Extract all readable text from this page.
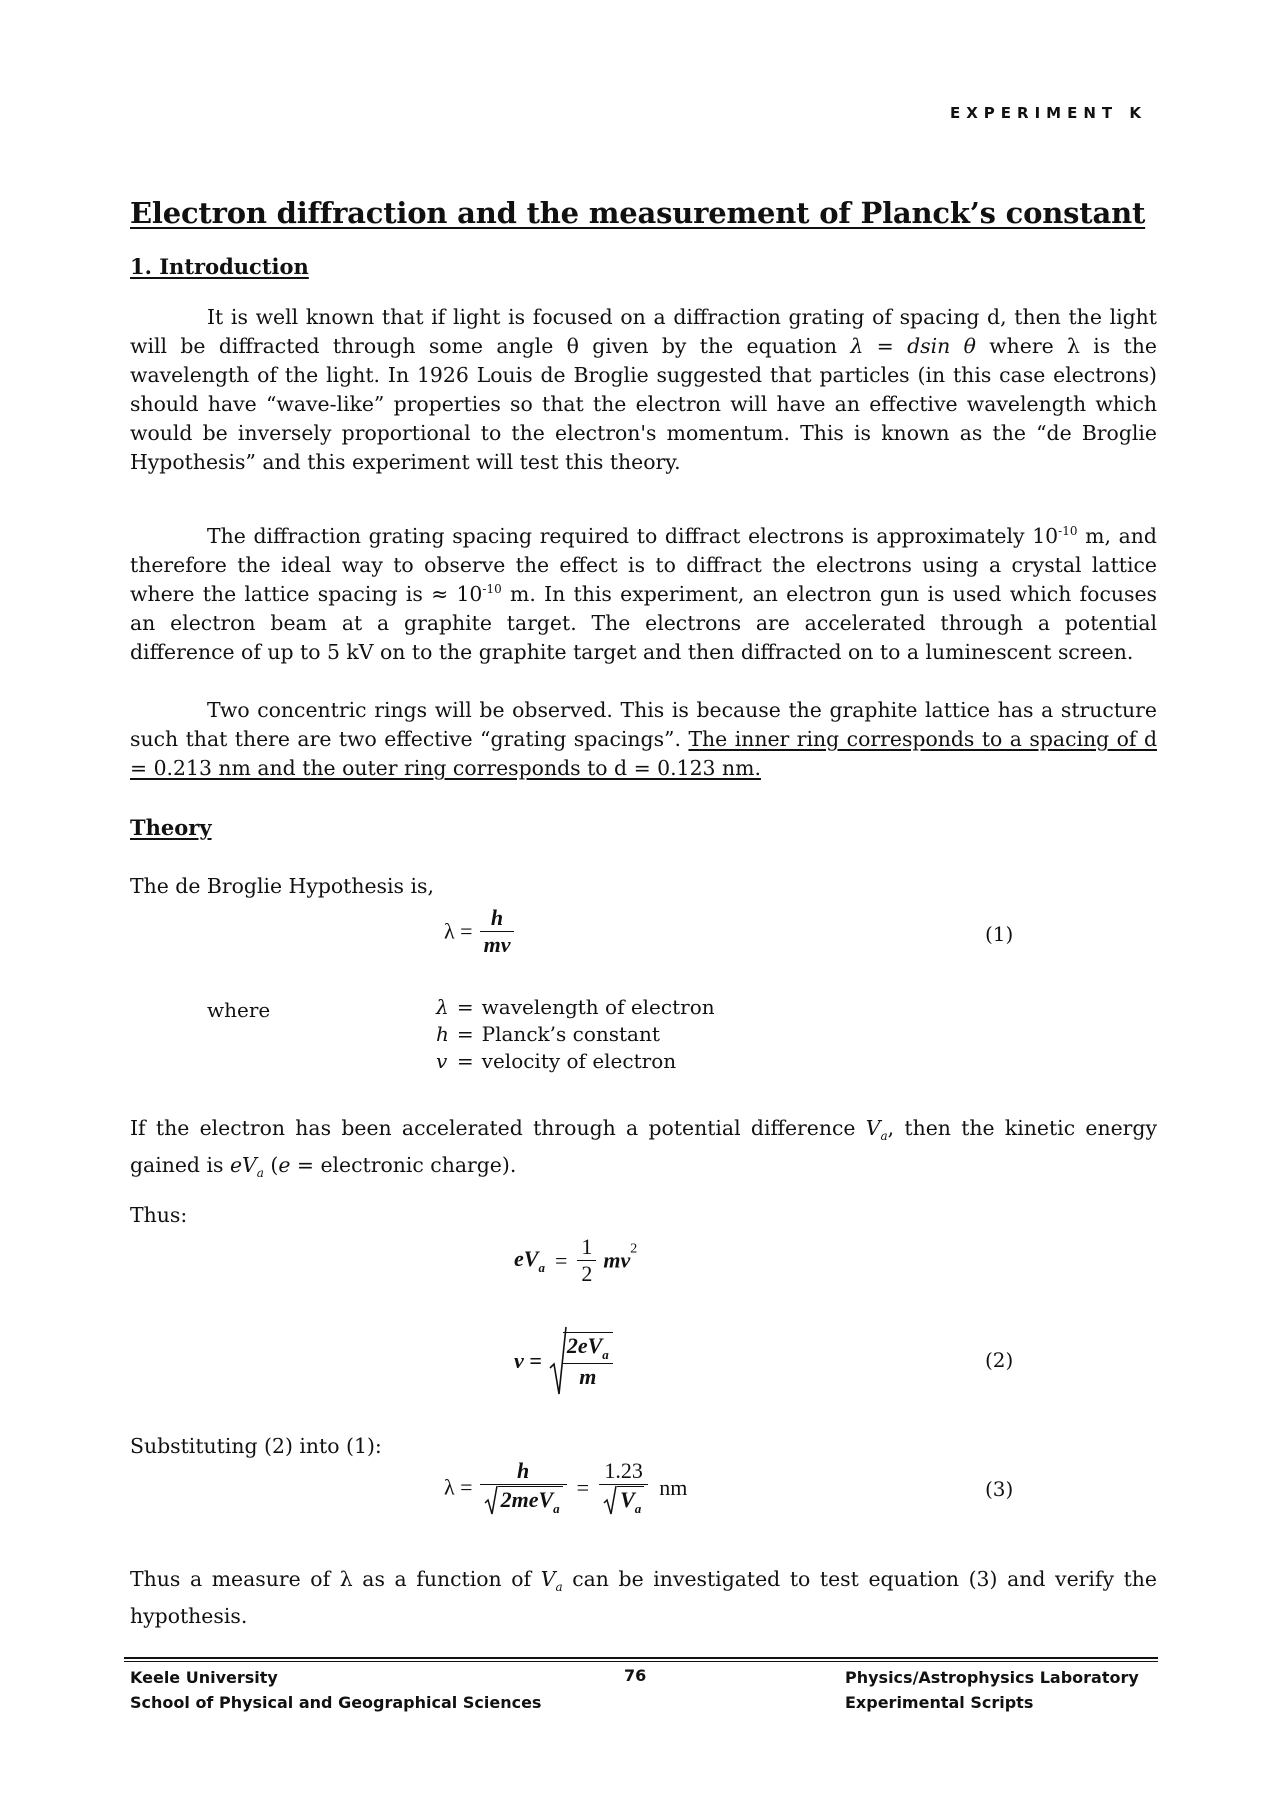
EXPERIMENT K
Electron diffraction and the measurement of Planck’s constant
1. Introduction
It is well known that if light is focused on a diffraction grating of spacing d, then the light will be diffracted through some angle θ given by the equation λ = dsin θ where λ is the wavelength of the light. In 1926 Louis de Broglie suggested that particles (in this case electrons) should have “wave-like” properties so that the electron will have an effective wavelength which would be inversely proportional to the electron's momentum. This is known as the “de Broglie Hypothesis” and this experiment will test this theory.
The diffraction grating spacing required to diffract electrons is approximately $10^{-10}$ m, and therefore the ideal way to observe the effect is to diffract the electrons using a crystal lattice where the lattice spacing is ≈ $10^{-10}$ m. In this experiment, an electron gun is used which focuses an electron beam at a graphite target. The electrons are accelerated through a potential difference of up to 5 kV on to the graphite target and then diffracted on to a luminescent screen.
Two concentric rings will be observed. This is because the graphite lattice has a structure such that there are two effective “grating spacings”. The inner ring corresponds to a spacing of d = 0.213 nm and the outer ring corresponds to d = 0.123 nm.
Theory
The de Broglie Hypothesis is,
$\lambda = \frac{h}{mv}$	(1)
where	λ	=	wavelength of electron
h	=	Planck’s constant
v	=	velocity of electron
If the electron has been accelerated through a potential difference $V_a$, then the kinetic energy gained is $eV_a$ (e = electronic charge).
Thus:
$eV_a = \frac{1}{2} mv^2$
$v = \frac{2eV_a}{m}$	(2)
Substituting (2) into (1):
$\lambda = \frac{h}{2meV_a} = \frac{1.23}{V_a}$ nm	(3)
Thus a measure of λ as a function of $V_a$ can be investigated to test equation (3) and verify the hypothesis.
Keele University
School of Physical and Geographical Sciences
76	Physics/Astrophysics Laboratory
Experimental Scripts
